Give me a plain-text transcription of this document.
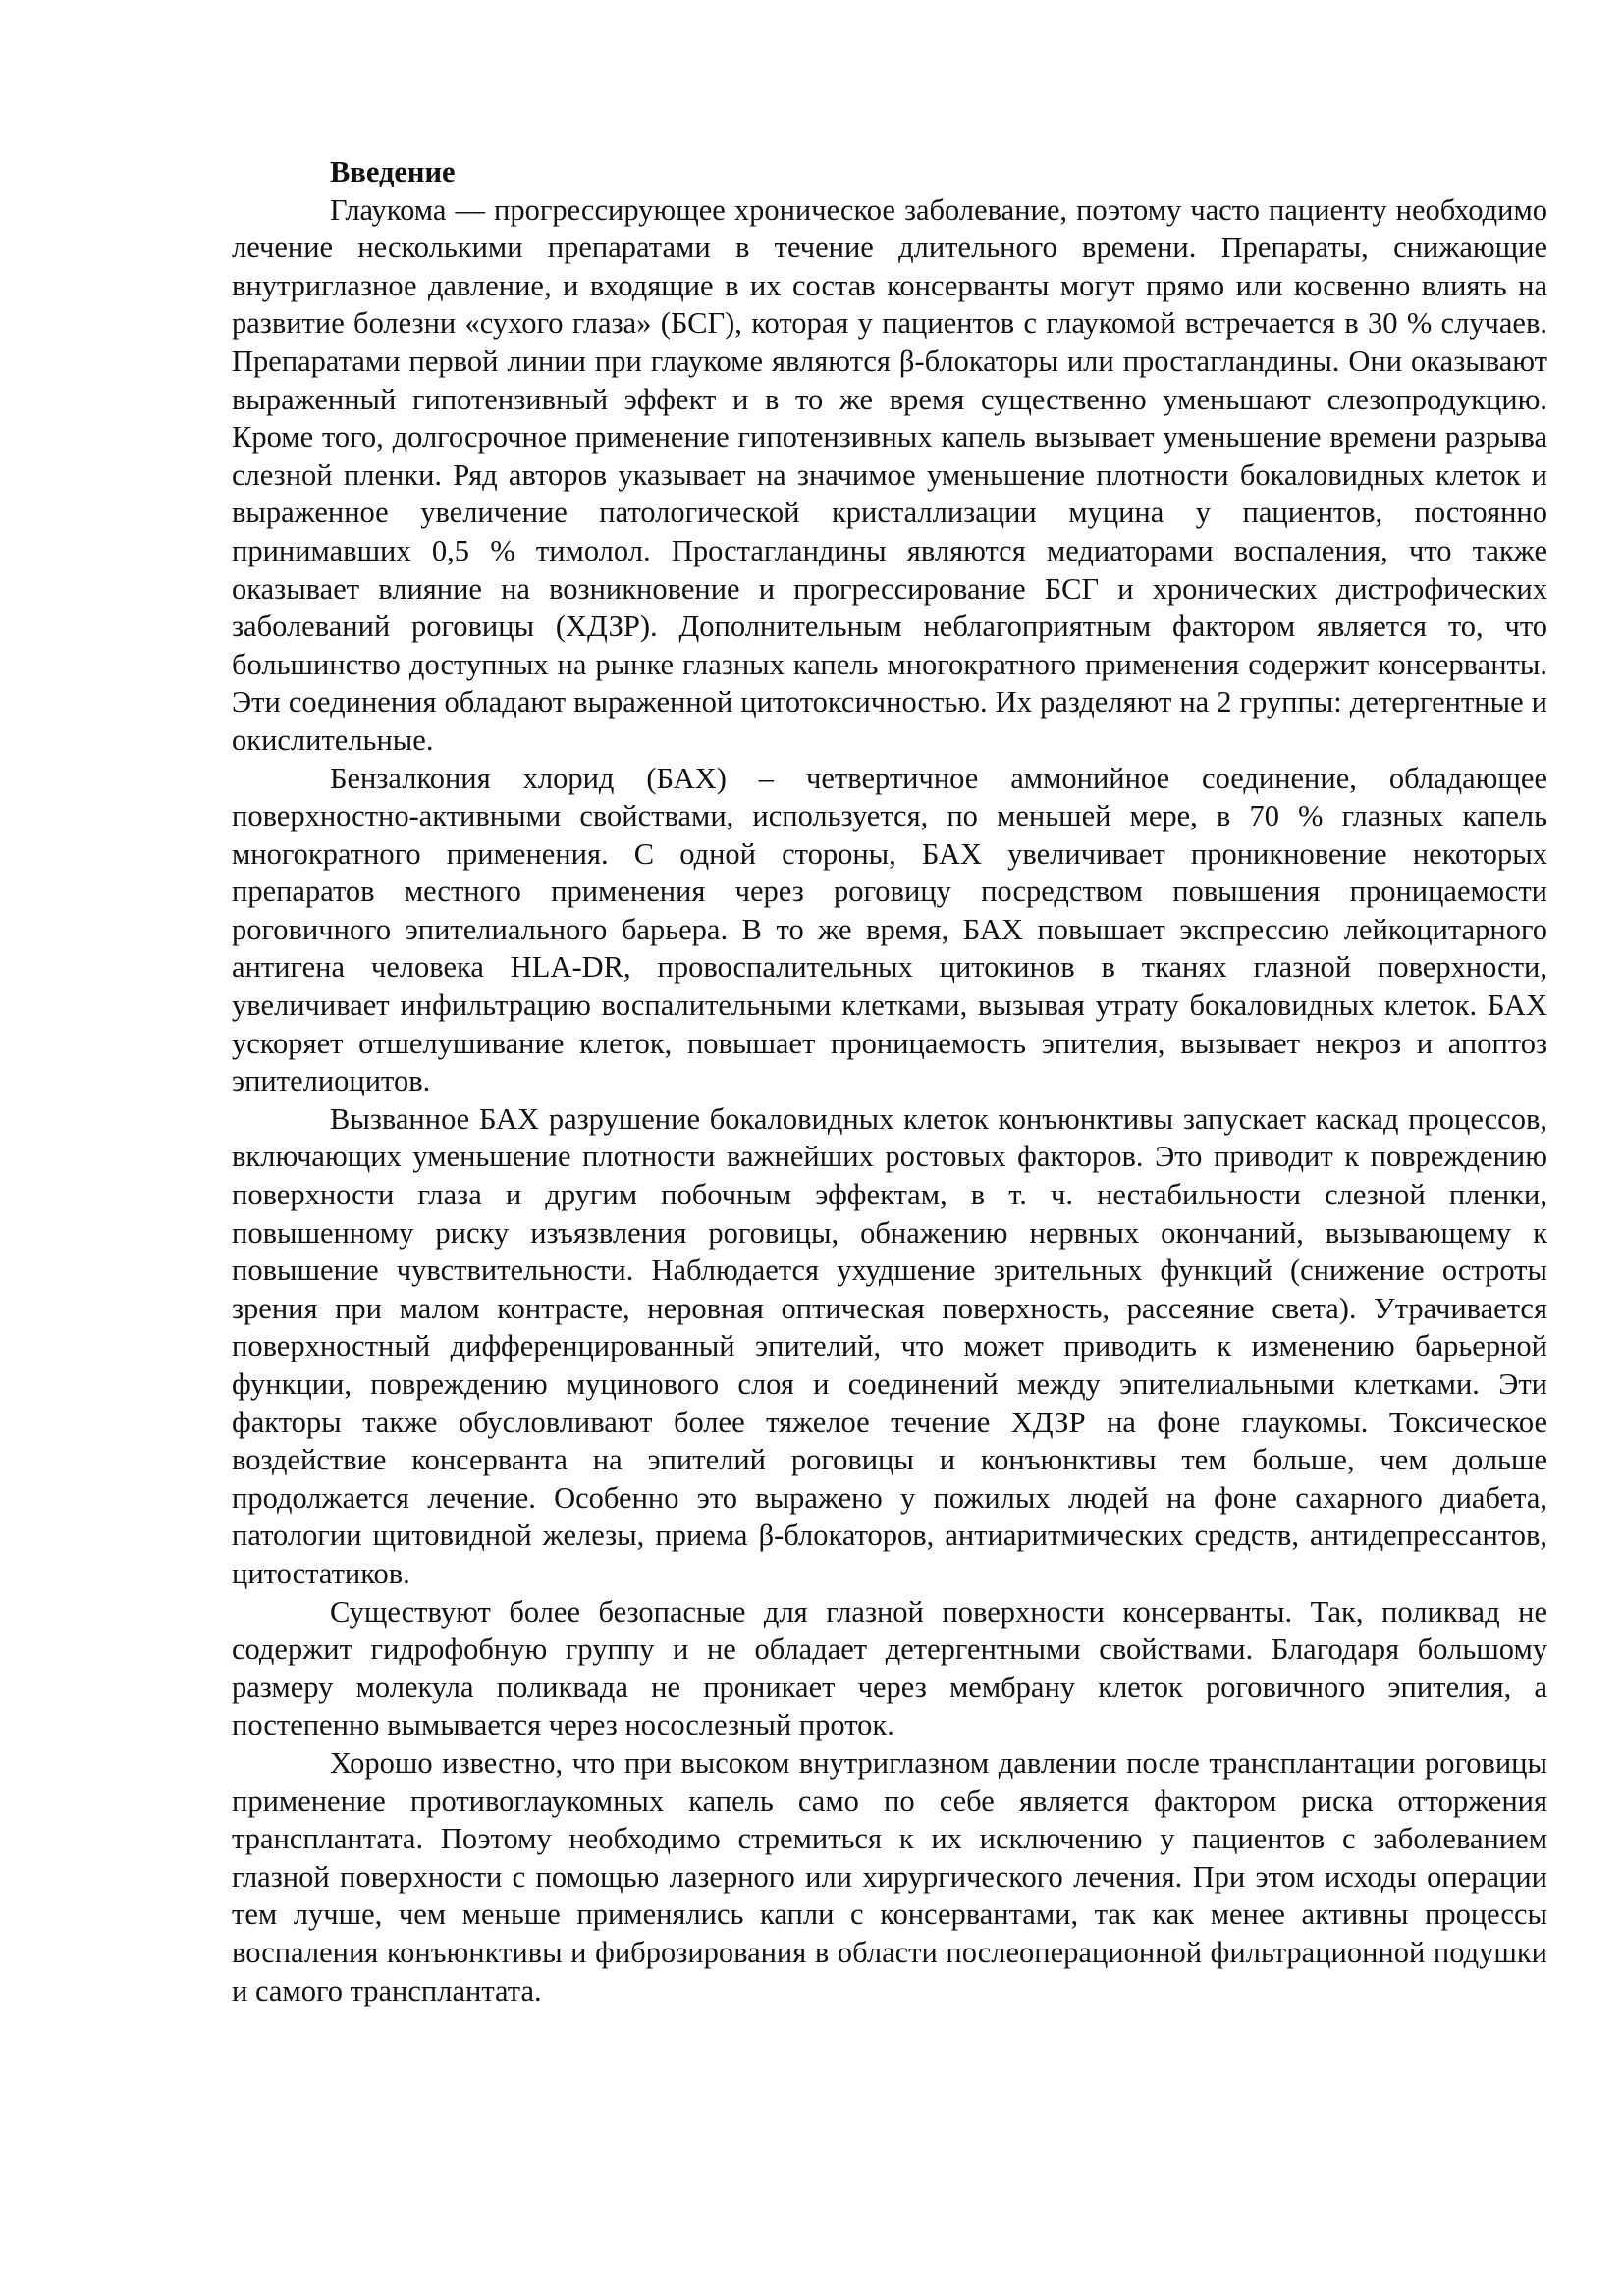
Введение

Глаукома — прогрессирующее хроническое заболевание, поэтому часто пациенту необходимо лечение несколькими препаратами в течение длительного времени. Препараты, снижающие внутриглазное давление, и входящие в их состав консерванты могут прямо или косвенно влиять на развитие болезни «сухого глаза» (БСГ), которая у пациентов с глаукомой встречается в 30 % случаев. Препаратами первой линии при глаукоме являются β-блокаторы или простагландины. Они оказывают выраженный гипотензивный эффект и в то же время существенно уменьшают слезопродукцию. Кроме того, долгосрочное применение гипотензивных капель вызывает уменьшение времени разрыва слезной пленки. Ряд авторов указывает на значимое уменьшение плотности бокаловидных клеток и выраженное увеличение патологической кристаллизации муцина у пациентов, постоянно принимавших 0,5 % тимолол. Простагландины являются медиаторами воспаления, что также оказывает влияние на возникновение и прогрессирование БСГ и хронических дистрофических заболеваний роговицы (ХДЗР). Дополнительным неблагоприятным фактором является то, что большинство доступных на рынке глазных капель многократного применения содержит консерванты. Эти соединения обладают выраженной цитотоксичностью. Их разделяют на 2 группы: детергентные и окислительные.

Бензалкония хлорид (БАХ) – четвертичное аммонийное соединение, обладающее поверхностно-активными свойствами, используется, по меньшей мере, в 70 % глазных капель многократного применения. С одной стороны, БАХ увеличивает проникновение некоторых препаратов местного применения через роговицу посредством повышения проницаемости роговичного эпителиального барьера. В то же время, БАХ повышает экспрессию лейкоцитарного антигена человека HLA-DR, провоспалительных цитокинов в тканях глазной поверхности, увеличивает инфильтрацию воспалительными клетками, вызывая утрату бокаловидных клеток. БАХ ускоряет отшелушивание клеток, повышает проницаемость эпителия, вызывает некроз и апоптоз эпителиоцитов.

Вызванное БАХ разрушение бокаловидных клеток конъюнктивы запускает каскад процессов, включающих уменьшение плотности важнейших ростовых факторов. Это приводит к повреждению поверхности глаза и другим побочным эффектам, в т. ч. нестабильности слезной пленки, повышенному риску изъязвления роговицы, обнажению нервных окончаний, вызывающему к повышение чувствительности. Наблюдается ухудшение зрительных функций (снижение остроты зрения при малом контрасте, неровная оптическая поверхность, рассеяние света). Утрачивается поверхностный дифференцированный эпителий, что может приводить к изменению барьерной функции, повреждению муцинового слоя и соединений между эпителиальными клетками. Эти факторы также обусловливают более тяжелое течение ХДЗР на фоне глаукомы. Токсическое воздействие консерванта на эпителий роговицы и конъюнктивы тем больше, чем дольше продолжается лечение. Особенно это выражено у пожилых людей на фоне сахарного диабета, патологии щитовидной железы, приема β-блокаторов, антиаритмических средств, антидепрессантов, цитостатиков.

Существуют более безопасные для глазной поверхности консерванты. Так, поликвад не содержит гидрофобную группу и не обладает детергентными свойствами. Благодаря большому размеру молекула поликвада не проникает через мембрану клеток роговичного эпителия, а постепенно вымывается через носослезный проток.

Хорошо известно, что при высоком внутриглазном давлении после трансплантации роговицы применение противоглаукомных капель само по себе является фактором риска отторжения трансплантата. Поэтому необходимо стремиться к их исключению у пациентов с заболеванием глазной поверхности с помощью лазерного или хирургического лечения. При этом исходы операции тем лучше, чем меньше применялись капли с консервантами, так как менее активны процессы воспаления конъюнктивы и фиброзирования в области послеоперационной фильтрационной подушки и самого трансплантата.
